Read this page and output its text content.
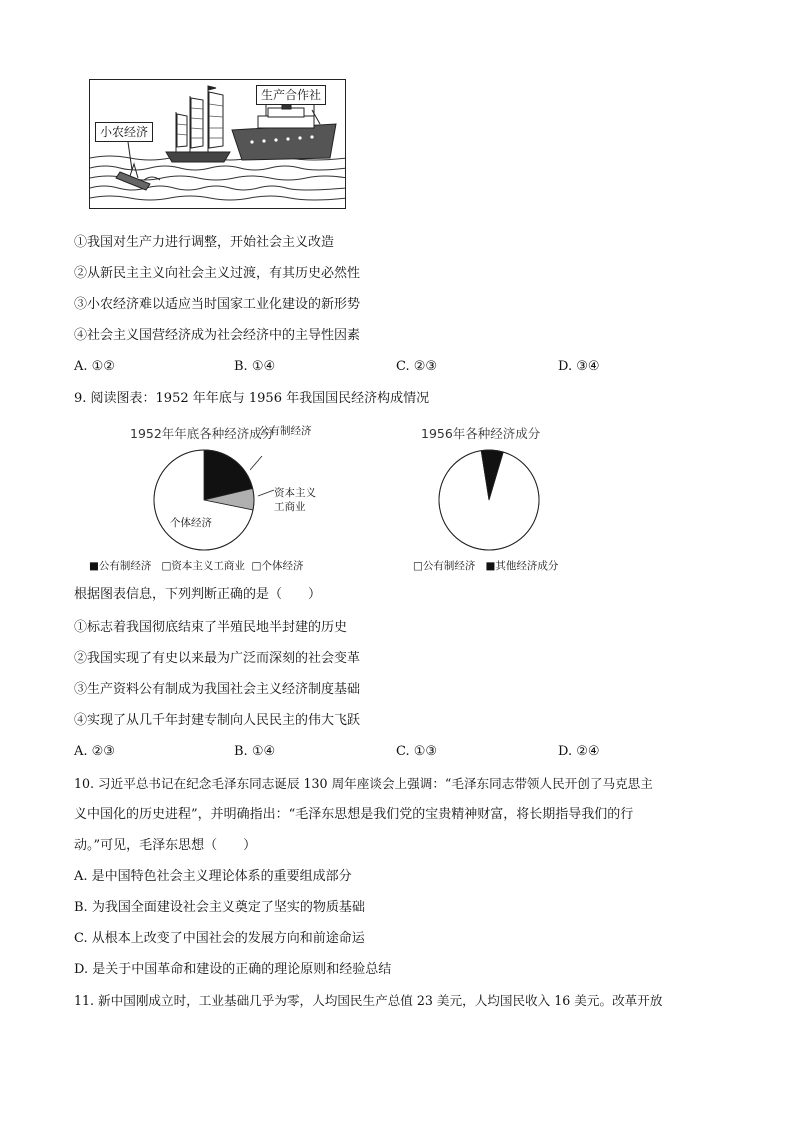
小农经济
生产合作社
①我国对生产力进行调整，开始社会主义改造
②从新民主主义向社会主义过渡，有其历史必然性
③小农经济难以适应当时国家工业化建设的新形势
④社会主义国营经济成为社会经济中的主导性因素
A. ①②	B. ①④	C. ②③	D. ③④
9. 阅读图表：1952 年年底与 1956 年我国国民经济构成情况
1952年年底各种经济成分
公有制经济
资本主义
工商业
个体经济
■公有制经济 □资本主义工商业 □个体经济
1956年各种经济成分
□公有制经济 ■其他经济成分
根据图表信息，下列判断正确的是（　　）
①标志着我国彻底结束了半殖民地半封建的历史
②我国实现了有史以来最为广泛而深刻的社会变革
③生产资料公有制成为我国社会主义经济制度基础
④实现了从几千年封建专制向人民民主的伟大飞跃
A. ②③	B. ①④	C. ①③	D. ②④
10. 习近平总书记在纪念毛泽东同志诞辰 130 周年座谈会上强调：“毛泽东同志带领人民开创了马克思主
义中国化的历史进程”，并明确指出：“毛泽东思想是我们党的宝贵精神财富，将长期指导我们的行
动。”可见，毛泽东思想（　　）
A. 是中国特色社会主义理论体系的重要组成部分
B. 为我国全面建设社会主义奠定了坚实的物质基础
C. 从根本上改变了中国社会的发展方向和前途命运
D. 是关于中国革命和建设的正确的理论原则和经验总结
11. 新中国刚成立时，工业基础几乎为零，人均国民生产总值 23 美元，人均国民收入 16 美元。改革开放
